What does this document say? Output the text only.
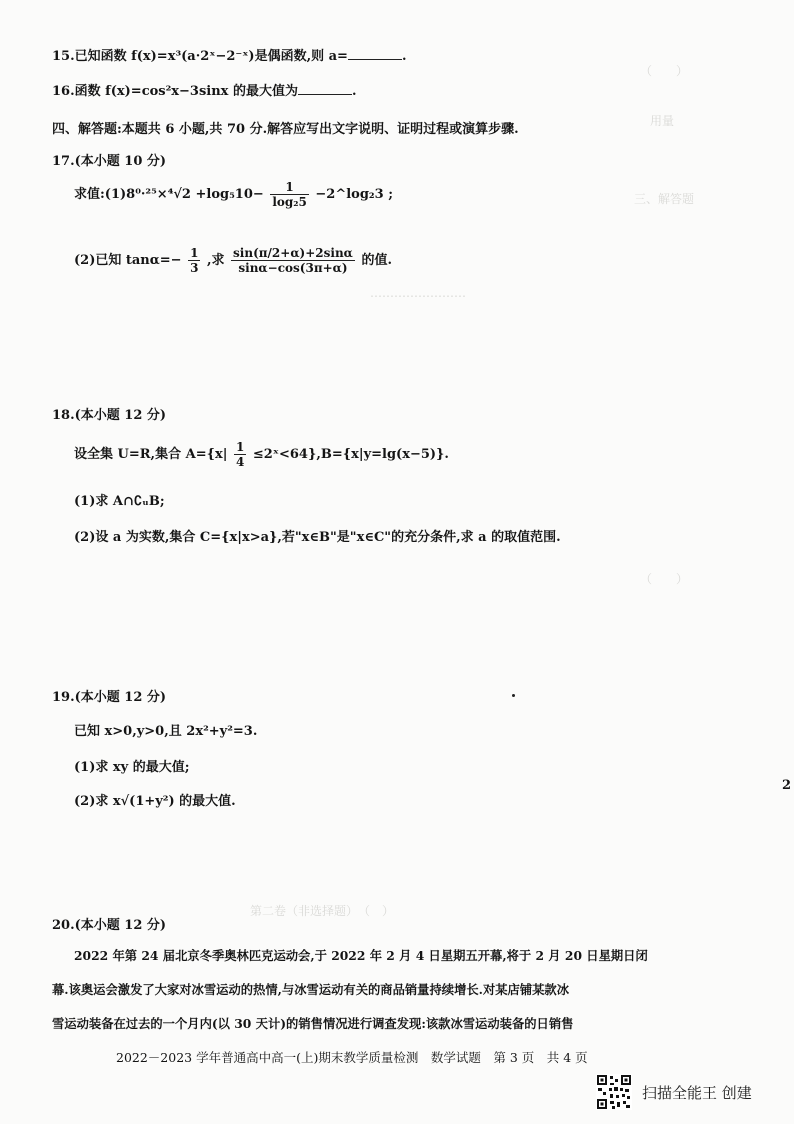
（　　）
用量
三、解答题
……………………
（　　）
第二卷（非选择题）　（　）
15.已知函数 f(x)=x³(a·2ˣ−2⁻ˣ)是偶函数,则 a=	.
16.函数 f(x)=cos²x−3sinx 的最大值为	.
四、解答题:本题共 6 小题,共 70 分.解答应写出文字说明、证明过程或演算步骤.
17.(本小题 10 分)
求值:(1)8⁰·²⁵×⁴√2 $+\log_510- \frac{1}{\text{log₂5}}$ −2^log₂3 ;
(2)已知 $\tan\alpha=- \frac{1}{3}$ ,求 $\frac{\sin(\pi/2+\alpha)+2\sin\alpha}{\sin\alpha-\cos(3\pi+\alpha)}$ 的值.
18.(本小题 12 分)
设全集 U=R,集合 $A=\{x| \frac{1}{4}$ ≤2ˣ<64},B={x|y=lg(x−5)}.
(1)求 A∩∁ᵤB;
(2)设 a 为实数,集合 C={x|x>a},若"x∈B"是"x∈C"的充分条件,求 a 的取值范围.
19.(本小题 12 分)
已知 x>0,y>0,且 2x²+y²=3.
(1)求 xy 的最大值;
(2)求 x√(1+y²) 的最大值.
2
20.(本小题 12 分)
2022 年第 24 届北京冬季奥林匹克运动会,于 2022 年 2 月 4 日星期五开幕,将于 2 月 20 日星期日闭
幕.该奥运会激发了大家对冰雪运动的热情,与冰雪运动有关的商品销量持续增长.对某店铺某款冰
雪运动装备在过去的一个月内(以 30 天计)的销售情况进行调查发现:该款冰雪运动装备的日销售
2022－2023 学年普通高中高一(上)期末教学质量检测　数学试题　第 3 页　共 4 页
扫描全能王 创建
